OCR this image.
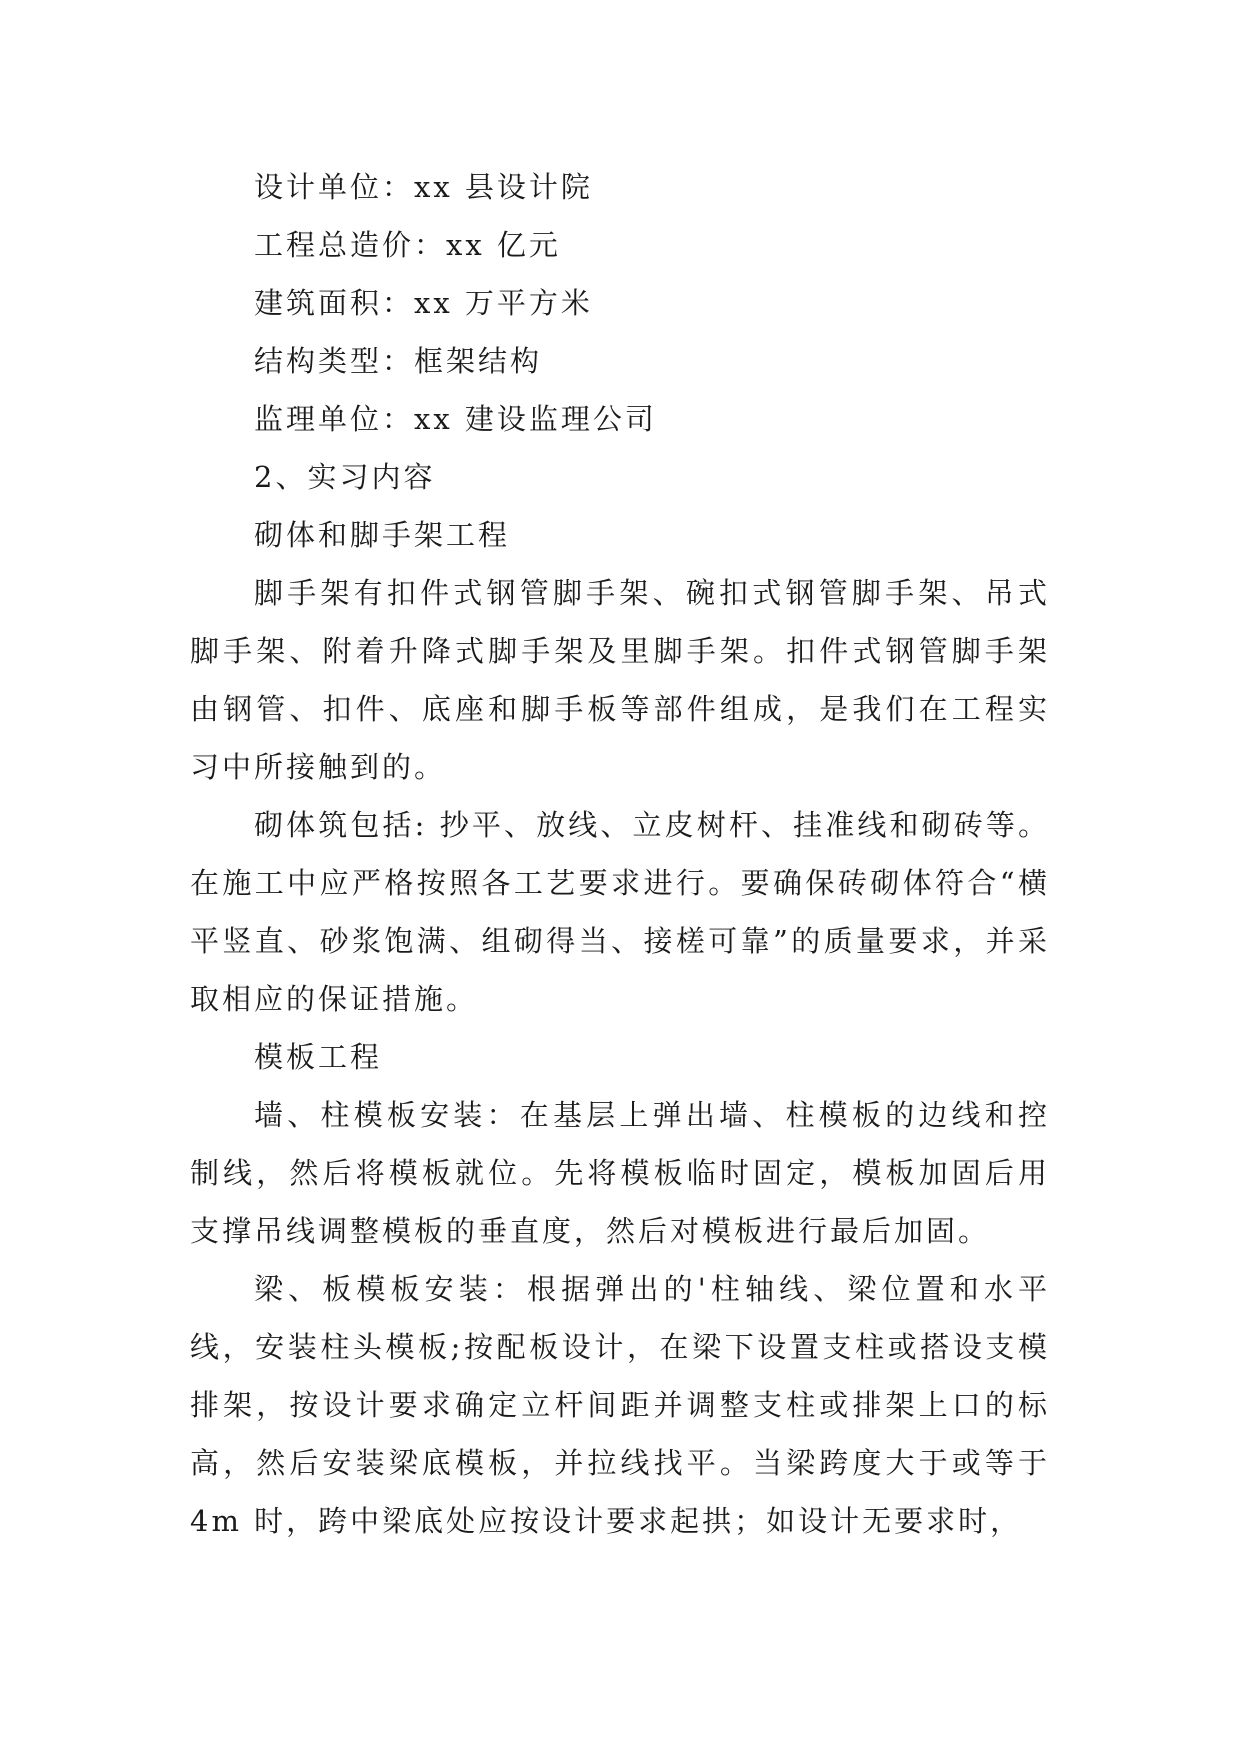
设计单位：xx 县设计院

工程总造价：xx 亿元

建筑面积：xx 万平方米

结构类型：框架结构

监理单位：xx 建设监理公司

2、实习内容

砌体和脚手架工程

脚手架有扣件式钢管脚手架、碗扣式钢管脚手架、吊式脚手架、附着升降式脚手架及里脚手架。扣件式钢管脚手架由钢管、扣件、底座和脚手板等部件组成，是我们在工程实习中所接触到的。

砌体筑包括: 抄平、放线、立皮树杆、挂准线和砌砖等。在施工中应严格按照各工艺要求进行。要确保砖砌体符合“横平竖直、砂浆饱满、组砌得当、接槎可靠”的质量要求，并采取相应的保证措施。

模板工程

墙、柱模板安装：在基层上弹出墙、柱模板的边线和控制线，然后将模板就位。先将模板临时固定，模板加固后用支撑吊线调整模板的垂直度，然后对模板进行最后加固。

梁、板模板安装：根据弹出的'柱轴线、梁位置和水平线，安装柱头模板;按配板设计，在梁下设置支柱或搭设支模排架，按设计要求确定立杆间距并调整支柱或排架上口的标高，然后安装梁底模板，并拉线找平。当梁跨度大于或等于 4m 时，跨中梁底处应按设计要求起拱；如设计无要求时，
